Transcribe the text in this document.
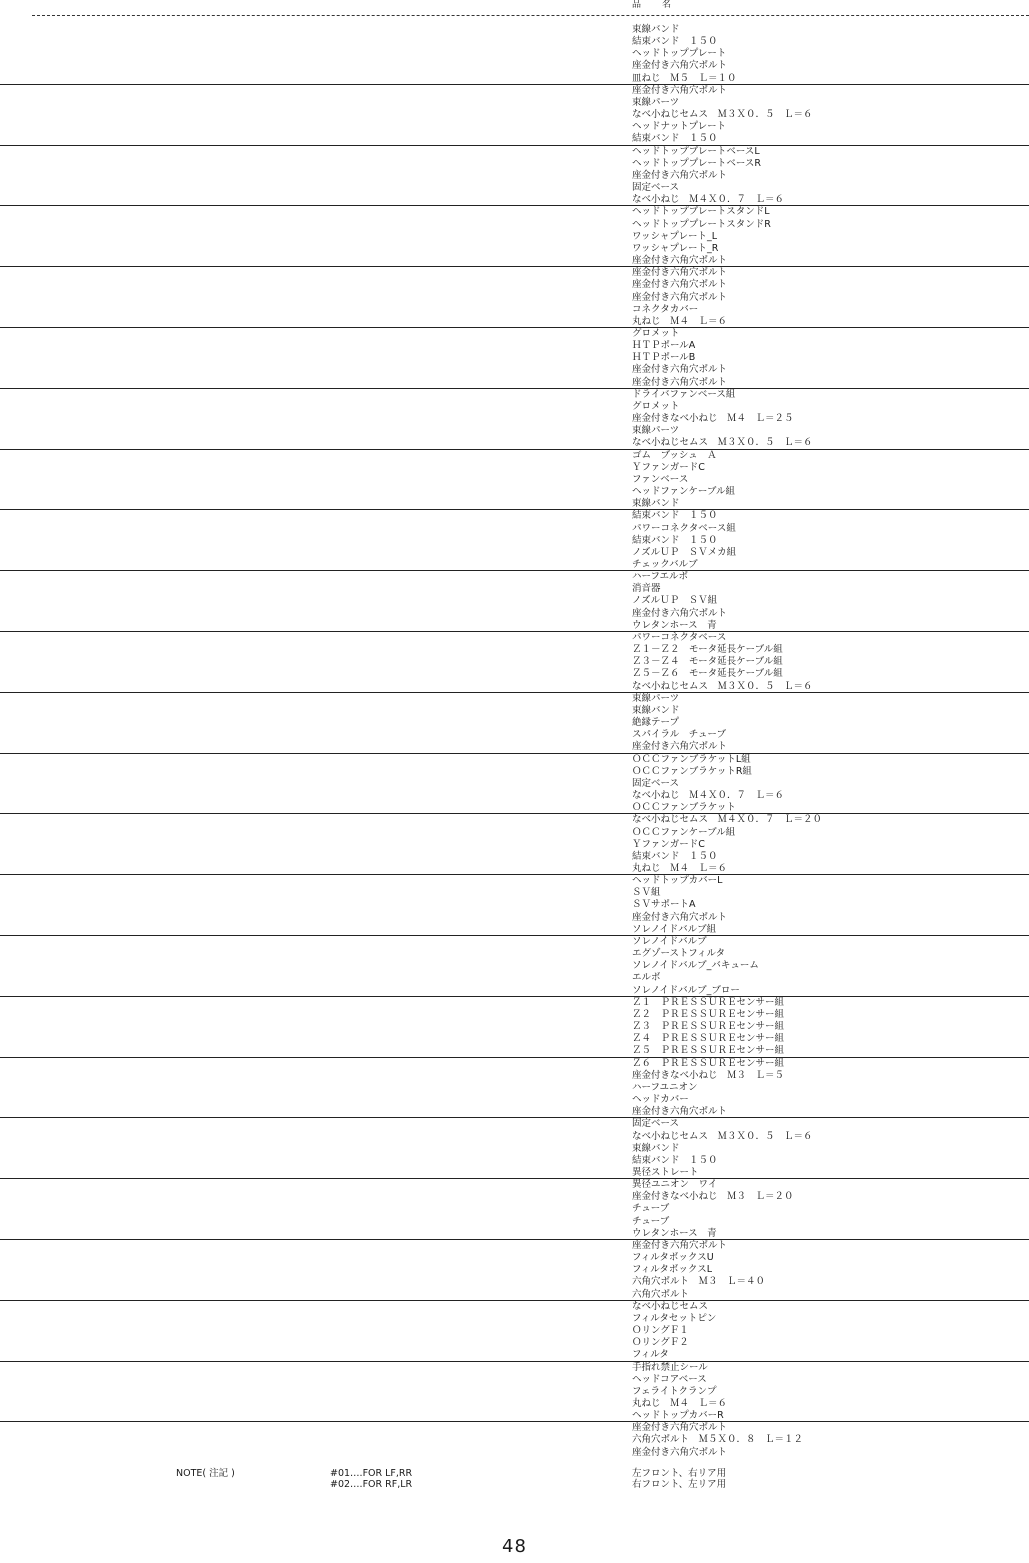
品　名
束線バンド
結束バンド　１５０
ヘッドトッププレート
座金付き六角穴ボルト
皿ねじ　Ｍ５　Ｌ＝１０
座金付き六角穴ボルト
束線パーツ
なべ小ねじセムス　Ｍ３Ｘ０．５　Ｌ＝６
ヘッドナットプレート
結束バンド　１５０
ヘッドトッププレートベースL
ヘッドトッププレートベースR
座金付き六角穴ボルト
固定ベース
なべ小ねじ　Ｍ４Ｘ０．７　Ｌ＝６
ヘッドトッププレートスタンドL
ヘッドトッププレートスタンドR
ワッシャプレート_L
ワッシャプレート_R
座金付き六角穴ボルト
座金付き六角穴ボルト
座金付き六角穴ボルト
座金付き六角穴ボルト
コネクタカバー
丸ねじ　Ｍ４　Ｌ＝６
グロメット
ＨＴＰポールA
ＨＴＰポールB
座金付き六角穴ボルト
座金付き六角穴ボルト
ドライバファンベース組
グロメット
座金付きなべ小ねじ　Ｍ４　Ｌ＝２５
束線パーツ
なべ小ねじセムス　Ｍ３Ｘ０．５　Ｌ＝６
ゴム　ブッシュ　Ａ
ＹファンガードC
ファンベース
ヘッドファンケーブル組
束線バンド
結束バンド　１５０
パワーコネクタベース組
結束バンド　１５０
ノズルＵＰ　ＳＶメカ組
チェックバルブ
ハーフエルボ
消音器
ノズルＵＰ　ＳＶ組
座金付き六角穴ボルト
ウレタンホース　青
パワーコネクタベース
Ｚ１－Ｚ２　モータ延長ケーブル組
Ｚ３－Ｚ４　モータ延長ケーブル組
Ｚ５－Ｚ６　モータ延長ケーブル組
なべ小ねじセムス　Ｍ３Ｘ０．５　Ｌ＝６
束線パーツ
束線バンド
絶縁テープ
スパイラル　チューブ
座金付き六角穴ボルト
ＯＣＣファンブラケットL組
ＯＣＣファンブラケットR組
固定ベース
なべ小ねじ　Ｍ４Ｘ０．７　Ｌ＝６
ＯＣＣファンブラケット
なべ小ねじセムス　Ｍ４Ｘ０．７　Ｌ＝２０
ＯＣＣファンケーブル組
ＹファンガードC
結束バンド　１５０
丸ねじ　Ｍ４　Ｌ＝６
ヘッドトップカバーL
ＳＶ組
ＳＶサポートA
座金付き六角穴ボルト
ソレノイドバルブ組
ソレノイドバルブ
エグゾーストフィルタ
ソレノイドバルブ_バキューム
エルボ
ソレノイドバルブ_ブロー
Ｚ１　ＰＲＥＳＳＵＲＥセンサー組
Ｚ２　ＰＲＥＳＳＵＲＥセンサー組
Ｚ３　ＰＲＥＳＳＵＲＥセンサー組
Ｚ４　ＰＲＥＳＳＵＲＥセンサー組
Ｚ５　ＰＲＥＳＳＵＲＥセンサー組
Ｚ６　ＰＲＥＳＳＵＲＥセンサー組
座金付きなべ小ねじ　Ｍ３　Ｌ＝５
ハーフユニオン
ヘッドカバー
座金付き六角穴ボルト
固定ベース
なべ小ねじセムス　Ｍ３Ｘ０．５　Ｌ＝６
束線バンド
結束バンド　１５０
異径ストレート
異径ユニオン　ワイ
座金付きなべ小ねじ　Ｍ３　Ｌ＝２０
チューブ
チューブ
ウレタンホース　青
座金付き六角穴ボルト
フィルタボックスU
フィルタボックスL
六角穴ボルト　Ｍ３　Ｌ＝４０
六角穴ボルト
なべ小ねじセムス
フィルタセットピン
ＯリングＦ１
ＯリングＦ２
フィルタ
手指れ禁止シール
ヘッドコアベース
フェライトクランプ
丸ねじ　Ｍ４　Ｌ＝６
ヘッドトップカバーR
座金付き六角穴ボルト
六角穴ボルト　Ｍ５Ｘ０．８　Ｌ＝１２
座金付き六角穴ボルト
NOTE( 注記 )	#01….FOR LF,RR
#02….FOR RF,LR
左フロント、右リア用
右フロント、左リア用
48
